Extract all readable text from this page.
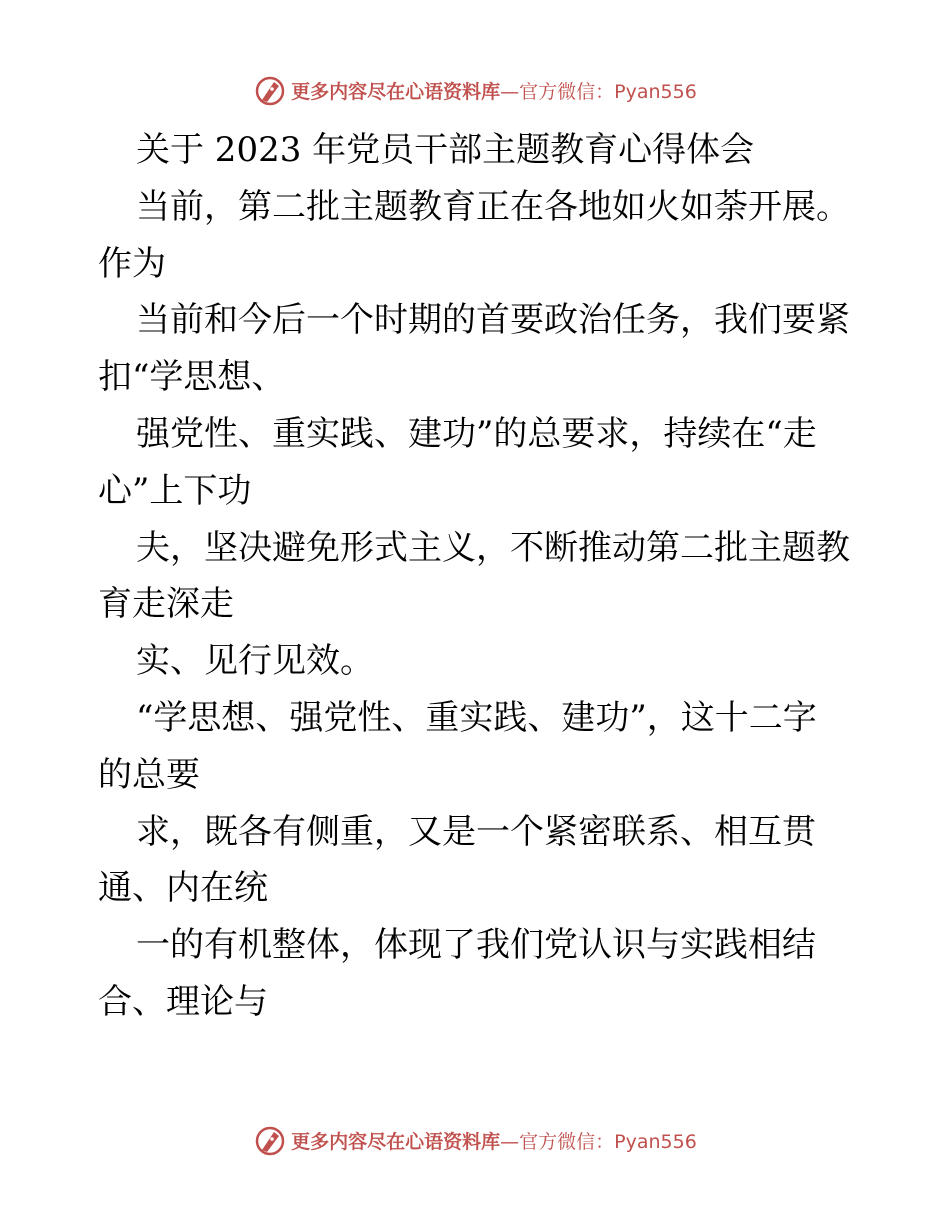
更多内容尽在心语资料库 —官方微信：Pyan556
关于 2023 年党员干部主题教育心得体会
当前，第二批主题教育正在各地如火如荼开展。
作为
当前和今后一个时期的首要政治任务，我们要紧
扣“学思想、
强党性、重实践、建功”的总要求，持续在“走
心”上下功
夫，坚决避免形式主义，不断推动第二批主题教
育走深走
实、见行见效。
“学思想、强党性、重实践、建功”，这十二字
的总要
求，既各有侧重，又是一个紧密联系、相互贯
通、内在统
一的有机整体，体现了我们党认识与实践相结
合、理论与
更多内容尽在心语资料库 —官方微信：Pyan556
